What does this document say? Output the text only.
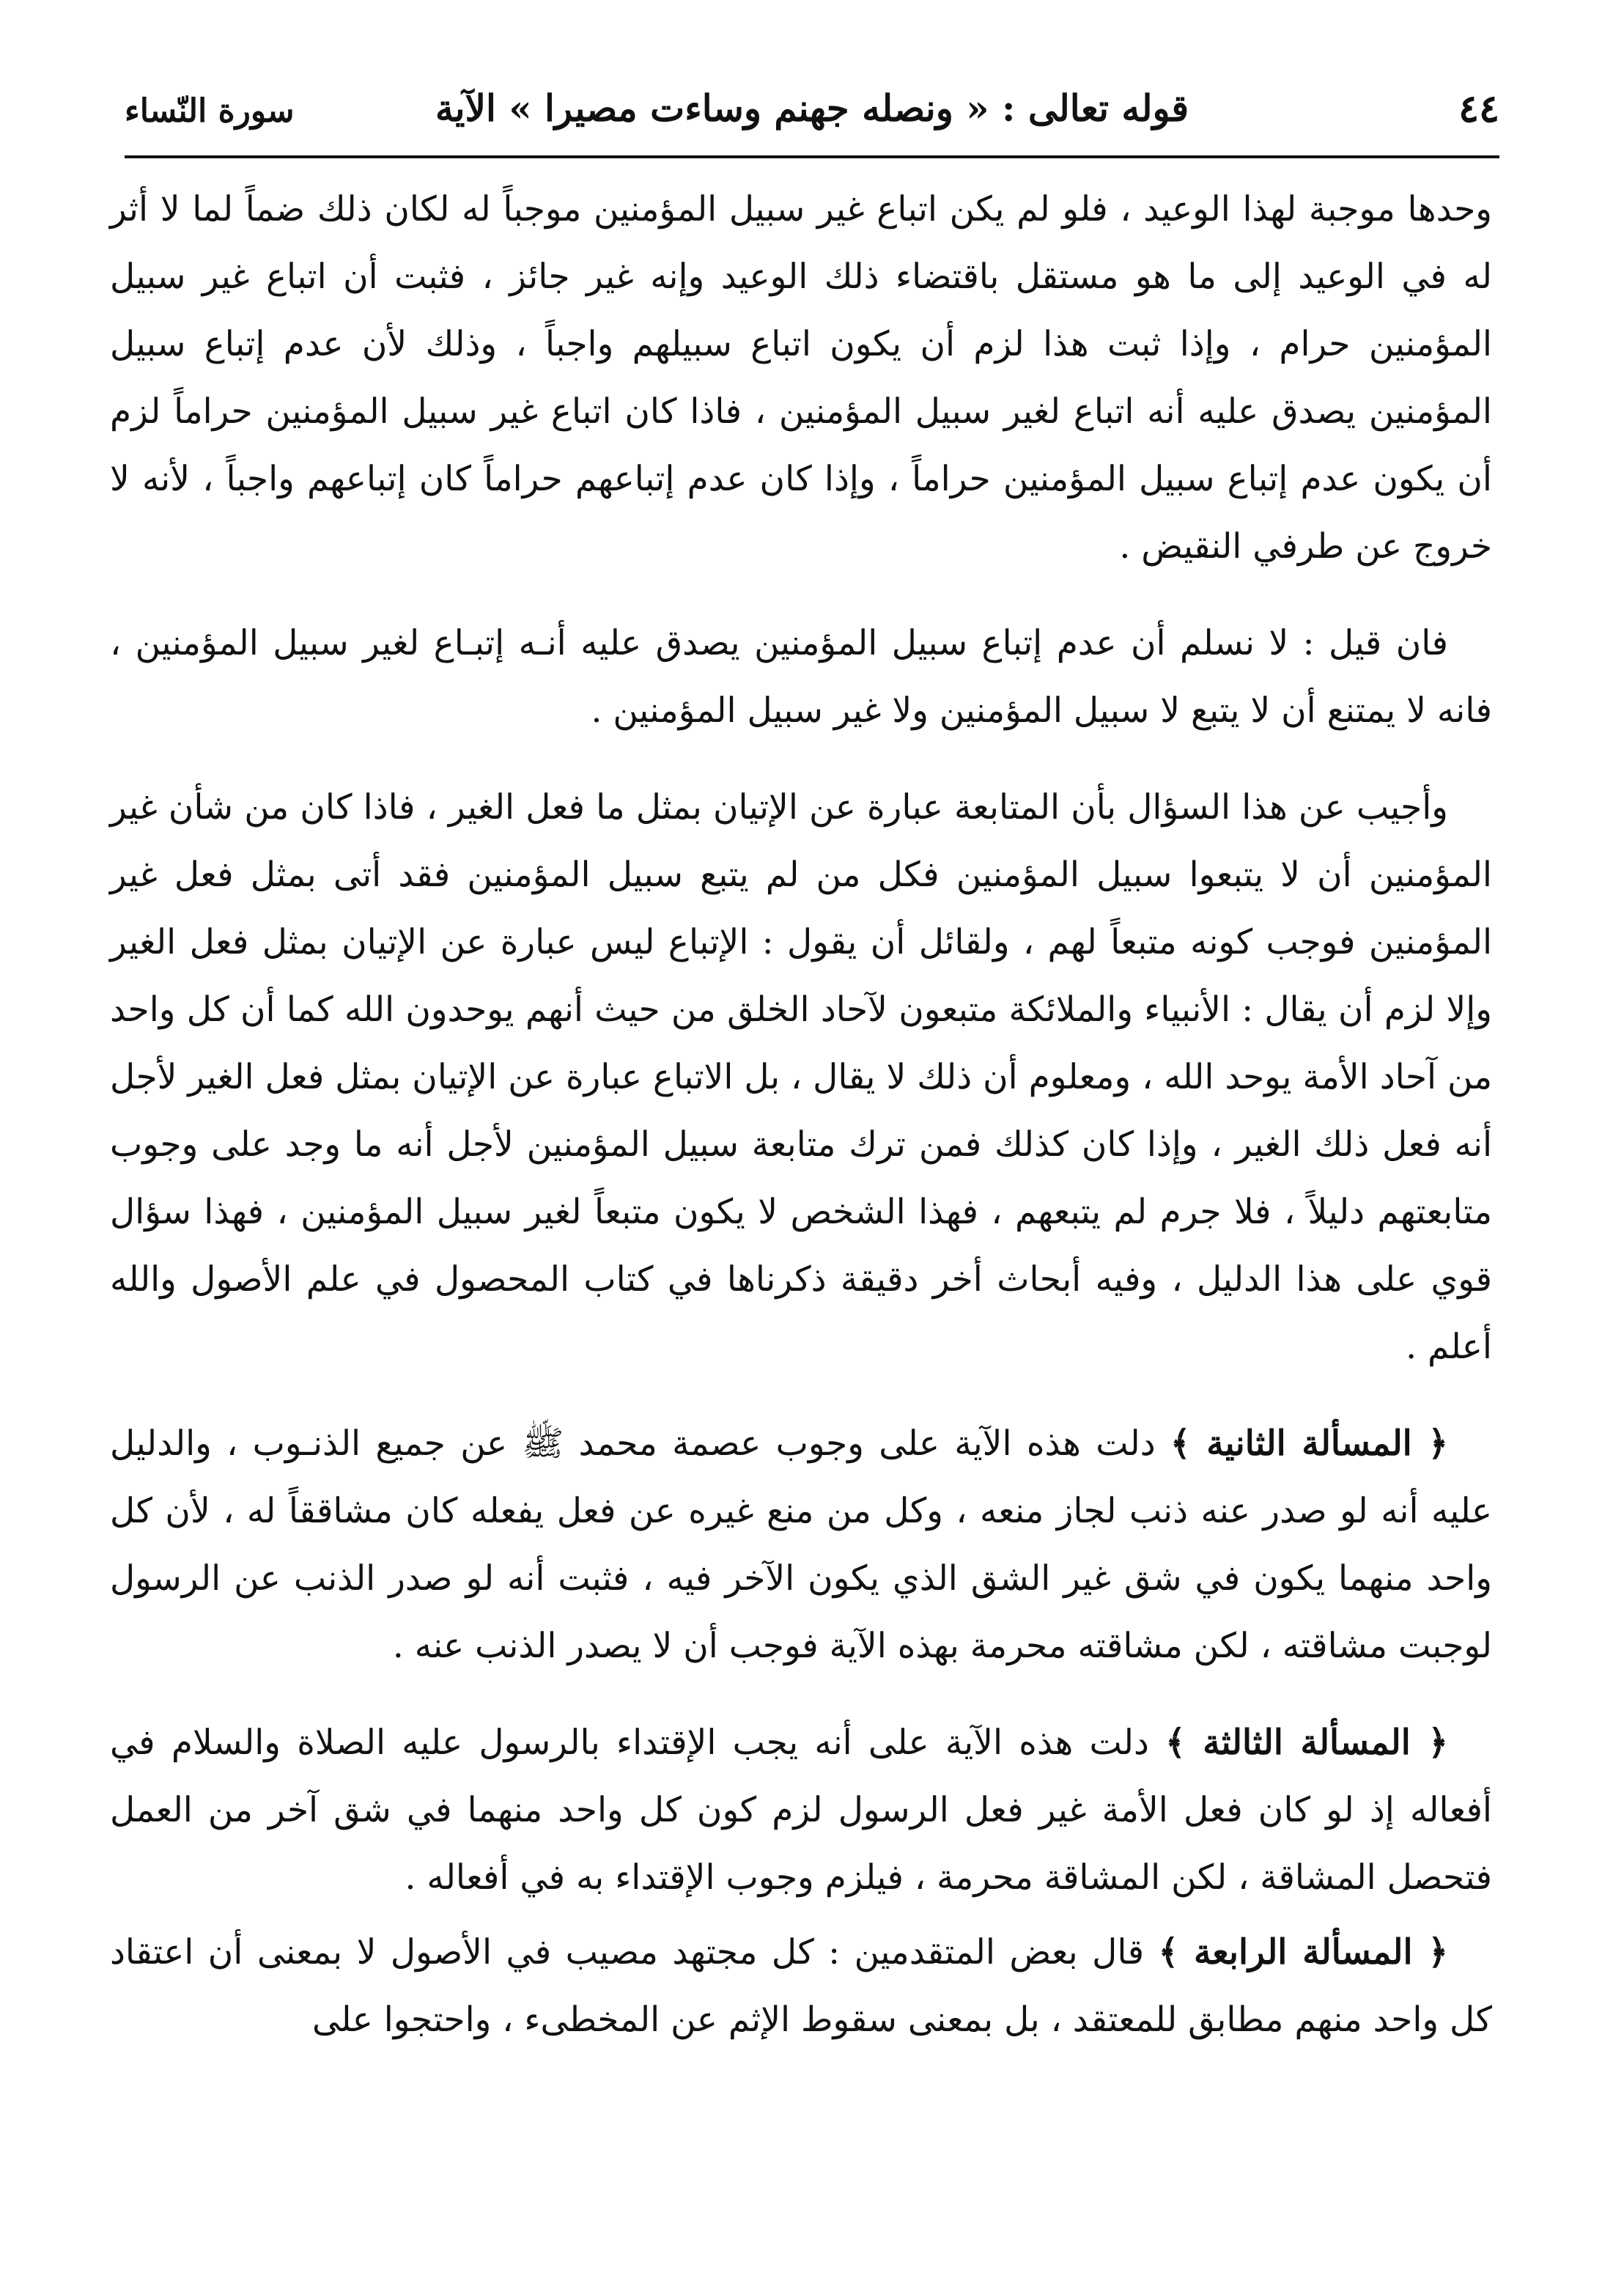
٤٤
قوله تعالى : « ونصله جهنم وساءت مصيرا » الآية
سورة النّساء

وحدها موجبة لهذا الوعيد ، فلو لم يكن اتباع غير سبيل المؤمنين موجباً له لكان ذلك ضماً لما لا أثر له في الوعيد إلى ما هو مستقل باقتضاء ذلك الوعيد وإنه غير جائز ، فثبت أن اتباع غير سبيل المؤمنين حرام ، وإذا ثبت هذا لزم أن يكون اتباع سبيلهم واجباً ، وذلك لأن عدم إتباع سبيل المؤمنين يصدق عليه أنه اتباع لغير سبيل المؤمنين ، فاذا كان اتباع غير سبيل المؤمنين حراماً لزم أن يكون عدم إتباع سبيل المؤمنين حراماً ، وإذا كان عدم إتباعهم حراماً كان إتباعهم واجباً ، لأنه لا خروج عن طرفي النقيض .

فان قيل : لا نسلم أن عدم إتباع سبيل المؤمنين يصدق عليه أنـه إتبـاع لغير سبيل المؤمنين ، فانه لا يمتنع أن لا يتبع لا سبيل المؤمنين ولا غير سبيل المؤمنين .

وأجيب عن هذا السؤال بأن المتابعة عبارة عن الإتيان بمثل ما فعل الغير ، فاذا كان من شأن غير المؤمنين أن لا يتبعوا سبيل المؤمنين فكل من لم يتبع سبيل المؤمنين فقد أتى بمثل فعل غير المؤمنين فوجب كونه متبعاً لهم ، ولقائل أن يقول : الإتباع ليس عبارة عن الإتيان بمثل فعل الغير وإلا لزم أن يقال : الأنبياء والملائكة متبعون لآحاد الخلق من حيث أنهم يوحدون الله كما أن كل واحد من آحاد الأمة يوحد الله ، ومعلوم أن ذلك لا يقال ، بل الاتباع عبارة عن الإتيان بمثل فعل الغير لأجل أنه فعل ذلك الغير ، وإذا كان كذلك فمن ترك متابعة سبيل المؤمنين لأجل أنه ما وجد على وجوب متابعتهم دليلاً ، فلا جرم لم يتبعهم ، فهذا الشخص لا يكون متبعاً لغير سبيل المؤمنين ، فهذا سؤال قوي على هذا الدليل ، وفيه أبحاث أخر دقيقة ذكرناها في كتاب المحصول في علم الأصول والله أعلم .

﴿ المسألة الثانية ﴾ دلت هذه الآية على وجوب عصمة محمد ﷺ عن جميع الذنـوب ، والدليل عليه أنه لو صدر عنه ذنب لجاز منعه ، وكل من منع غيره عن فعل يفعله كان مشاققاً له ، لأن كل واحد منهما يكون في شق غير الشق الذي يكون الآخر فيه ، فثبت أنه لو صدر الذنب عن الرسول لوجبت مشاقته ، لكن مشاقته محرمة بهذه الآية فوجب أن لا يصدر الذنب عنه .

﴿ المسألة الثالثة ﴾ دلت هذه الآية على أنه يجب الإقتداء بالرسول عليه الصلاة والسلام في أفعاله إذ لو كان فعل الأمة غير فعل الرسول لزم كون كل واحد منهما في شق آخر من العمل فتحصل المشاقة ، لكن المشاقة محرمة ، فيلزم وجوب الإقتداء به في أفعاله .

﴿ المسألة الرابعة ﴾ قال بعض المتقدمين : كل مجتهد مصيب في الأصول لا بمعنى أن اعتقاد كل واحد منهم مطابق للمعتقد ، بل بمعنى سقوط الإثم عن المخطىء ، واحتجوا على
